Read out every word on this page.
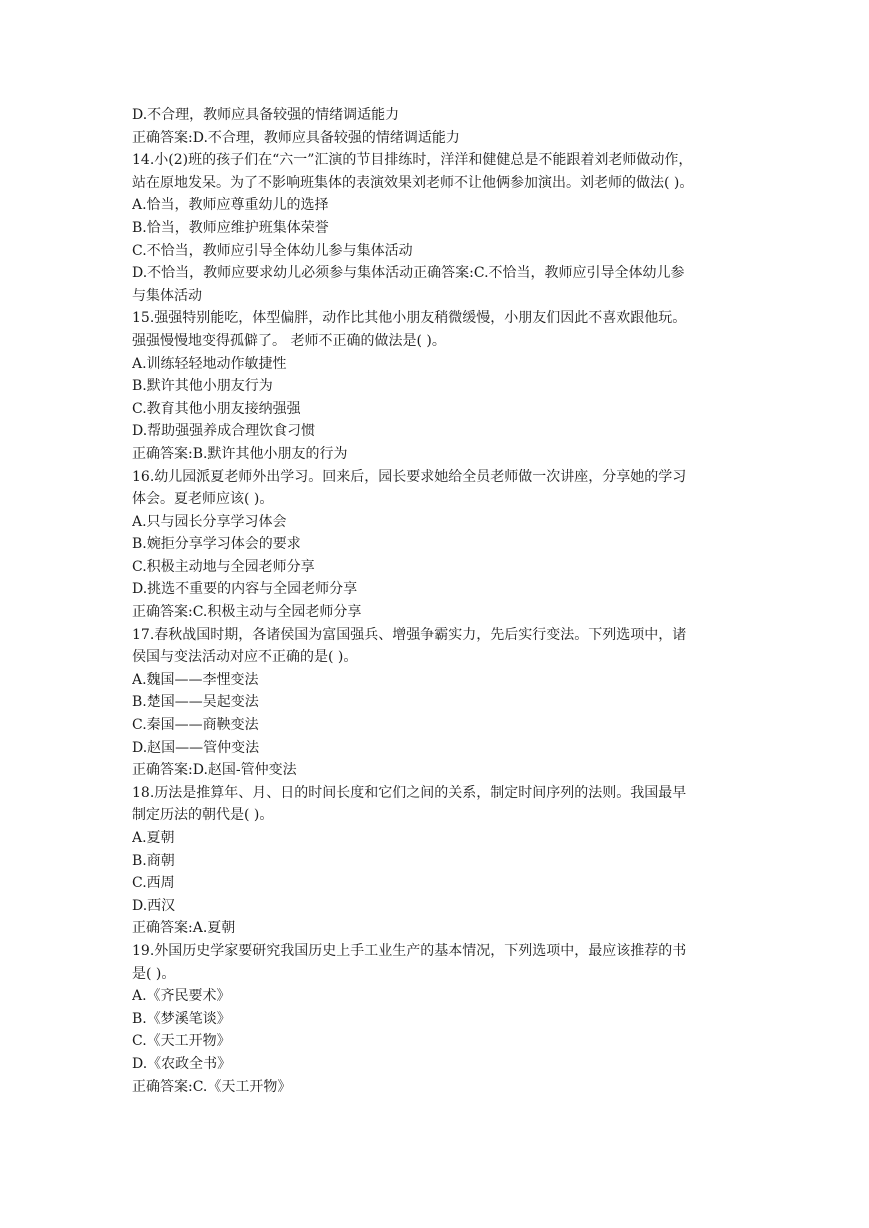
D.不合理，教师应具备较强的情绪调适能力
正确答案:D.不合理，教师应具备较强的情绪调适能力
14.小(2)班的孩子们在“六一”汇演的节目排练时，洋洋和健健总是不能跟着刘老师做动作，
站在原地发呆。为了不影响班集体的表演效果刘老师不让他俩参加演出。刘老师的做法( )。
A.恰当，教师应尊重幼儿的选择
B.恰当，教师应维护班集体荣誉
C.不恰当，教师应引导全体幼儿参与集体活动
D.不恰当，教师应要求幼儿必须参与集体活动正确答案:C.不恰当，教师应引导全体幼儿参
与集体活动
15.强强特别能吃，体型偏胖，动作比其他小朋友稍微缓慢，小朋友们因此不喜欢跟他玩。
强强慢慢地变得孤僻了。 老师不正确的做法是( )。
A.训练轻轻地动作敏捷性
B.默许其他小朋友行为
C.教育其他小朋友接纳强强
D.帮助强强养成合理饮食刁惯
正确答案:B.默许其他小朋友的行为
16.幼儿园派夏老师外出学习。回来后，园长要求她给全员老师做一次讲座，分享她的学习
体会。夏老师应该( )。
A.只与园长分享学习体会
B.婉拒分享学习体会的要求
C.积极主动地与全园老师分享
D.挑选不重要的内容与全园老师分享
正确答案:C.积极主动与全园老师分享
17.春秋战国时期，各诸侯国为富国强兵、增强争霸实力，先后实行变法。下列选项中，诸
侯国与变法活动对应不正确的是( )。
A.魏国——李悝变法
B.楚国——吴起变法
C.秦国——商鞅变法
D.赵国——管仲变法
正确答案:D.赵国-管仲变法
18.历法是推算年、月、日的时间长度和它们之间的关系，制定时间序列的法则。我国最早
制定历法的朝代是( )。
A.夏朝
B.商朝
C.西周
D.西汉
正确答案:A.夏朝
19.外国历史学家要研究我国历史上手工业生产的基本情况，下列选项中，最应该推荐的书
是( )。
A.《齐民要术》
B.《梦溪笔谈》
C.《天工开物》
D.《农政全书》
正确答案:C.《天工开物》
